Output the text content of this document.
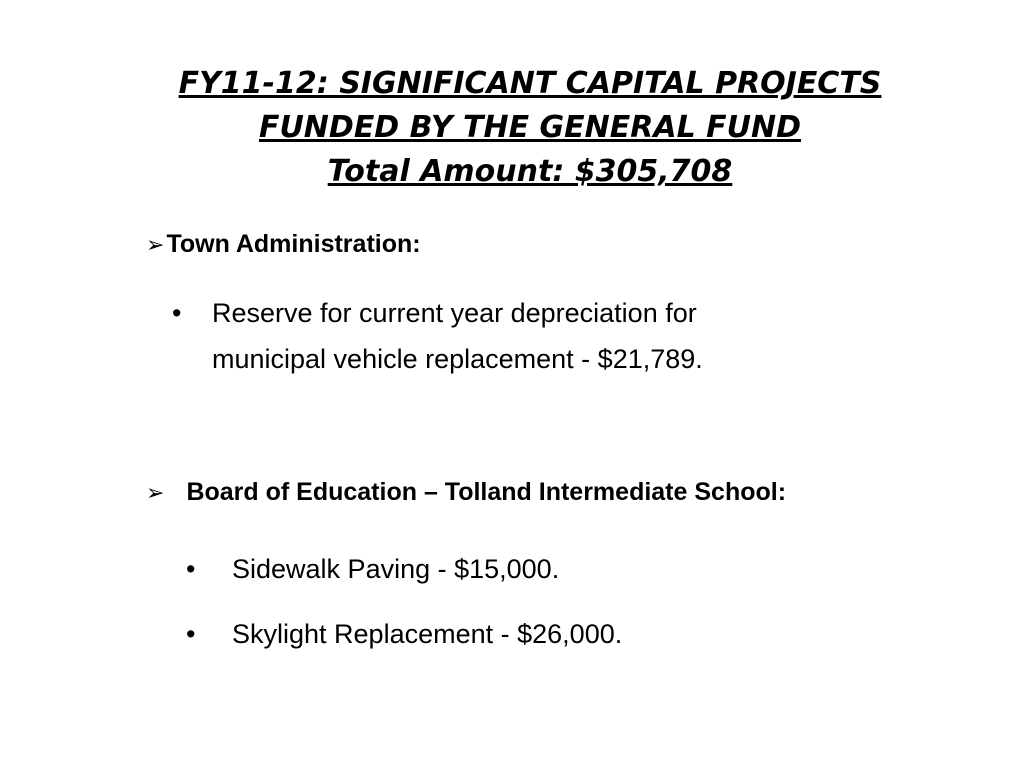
FY11-12: SIGNIFICANT CAPITAL PROJECTS
FUNDED BY THE GENERAL FUND
Total Amount: $305,708
➢Town Administration:
• Reserve for current year depreciation for
municipal vehicle replacement - $21,789.
➢ Board of Education – Tolland Intermediate School:
• Sidewalk Paving - $15,000.
• Skylight Replacement - $26,000.
